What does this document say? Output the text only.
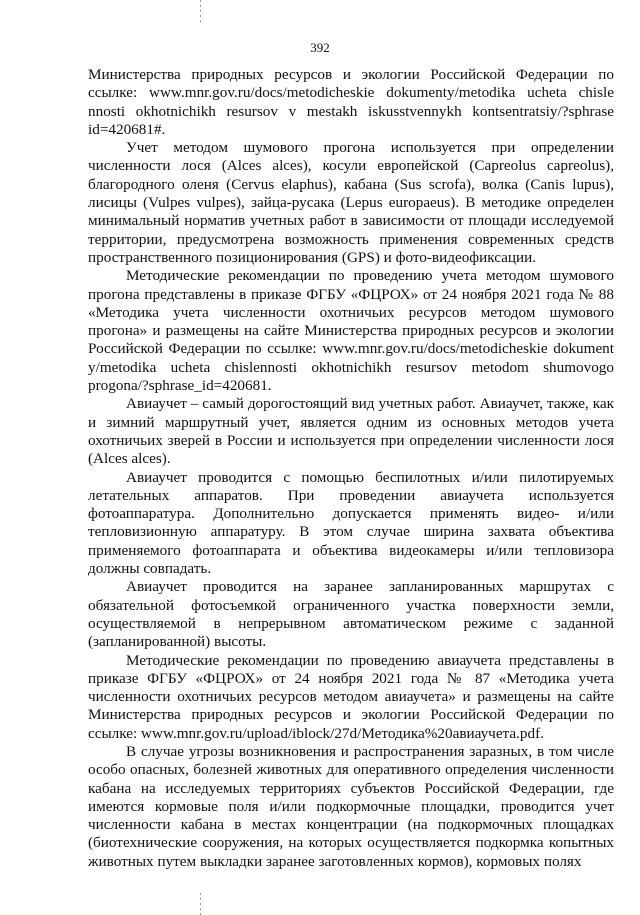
392

Министерства природных ресурсов и экологии Российской Федерации по ссылке: www.mnr.gov.ru/docs/metodicheskie dokumenty/metodika ucheta chisle nnosti okhotnichikh resursov v mestakh iskusstvennykh kontsentratsiy/?sphrase id=420681#.

Учет методом шумового прогона используется при определении численности лося (Alces alces), косули европейской (Capreolus capreolus), благородного оленя (Cervus elaphus), кабана (Sus scrofa), волка (Canis lupus), лисицы (Vulpes vulpes), зайца-русака (Lepus europaeus). В методике определен минимальный норматив учетных работ в зависимости от площади исследуемой территории, предусмотрена возможность применения современных средств пространственного позиционирования (GPS) и фото-видеофиксации.

Методические рекомендации по проведению учета методом шумового прогона представлены в приказе ФГБУ «ФЦРОХ» от 24 ноября 2021 года № 88 «Методика учета численности охотничьих ресурсов методом шумового прогона» и размещены на сайте Министерства природных ресурсов и экологии Российской Федерации по ссылке: www.mnr.gov.ru/docs/metodicheskie dokument y/metodika ucheta chislennosti okhotnichikh resursov metodom shumovogo progona/?sphrase_id=420681.

Авиаучет – самый дорогостоящий вид учетных работ. Авиаучет, также, как и зимний маршрутный учет, является одним из основных методов учета охотничьих зверей в России и используется при определении численности лося (Alces alces).

Авиаучет проводится с помощью беспилотных и/или пилотируемых летательных аппаратов. При проведении авиаучета используется фотоаппаратура. Дополнительно допускается применять видео- и/или тепловизионную аппаратуру. В этом случае ширина захвата объектива применяемого фотоаппарата и объектива видеокамеры и/или тепловизора должны совпадать.

Авиаучет проводится на заранее запланированных маршрутах с обязательной фотосъемкой ограниченного участка поверхности земли, осуществляемой в непрерывном автоматическом режиме с заданной (запланированной) высоты.

Методические рекомендации по проведению авиаучета представлены в приказе ФГБУ «ФЦРОХ» от 24 ноября 2021 года № 87 «Методика учета численности охотничьих ресурсов методом авиаучета» и размещены на сайте Министерства природных ресурсов и экологии Российской Федерации по ссылке: www.mnr.gov.ru/upload/iblock/27d/Методика%20авиаучета.pdf.

В случае угрозы возникновения и распространения заразных, в том числе особо опасных, болезней животных для оперативного определения численности кабана на исследуемых территориях субъектов Российской Федерации, где имеются кормовые поля и/или подкормочные площадки, проводится учет численности кабана в местах концентрации (на подкормочных площадках (биотехнические сооружения, на которых осуществляется подкормка копытных животных путем выкладки заранее заготовленных кормов), кормовых полях
